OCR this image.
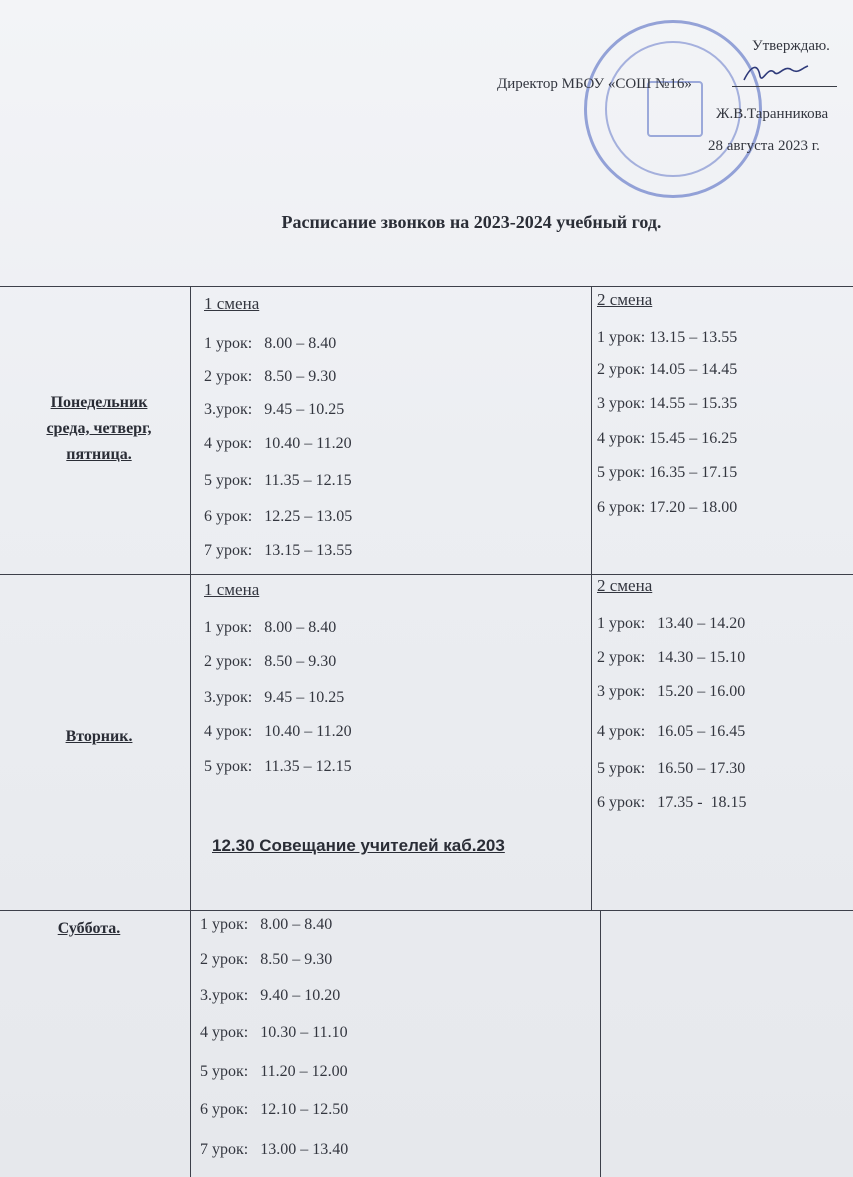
Утверждаю.
Директор МБОУ «СОШ №16»
Ж.В.Таранникова
28 августа 2023 г.
Расписание звонков на 2023-2024 учебный год.
Понедельник
среда, четверг,
пятница.
1 смена
1 урок:   8.00 – 8.40
2 урок:   8.50 – 9.30
3.урок:   9.45 – 10.25
4 урок:   10.40 – 11.20
5 урок:   11.35 – 12.15
6 урок:   12.25 – 13.05
7 урок:   13.15 – 13.55
2 смена
1 урок: 13.15 – 13.55
2 урок: 14.05 – 14.45
3 урок: 14.55 – 15.35
4 урок: 15.45 – 16.25
5 урок: 16.35 – 17.15
6 урок: 17.20 – 18.00
Вторник.
1 смена
1 урок:   8.00 – 8.40
2 урок:   8.50 – 9.30
3.урок:   9.45 – 10.25
4 урок:   10.40 – 11.20
5 урок:   11.35 – 12.15
12.30 Совещание учителей каб.203
2 смена
1 урок:   13.40 – 14.20
2 урок:   14.30 – 15.10
3 урок:   15.20 – 16.00
4 урок:   16.05 – 16.45
5 урок:   16.50 – 17.30
6 урок:   17.35 -  18.15
Суббота.	1 урок:   8.00 – 8.40
2 урок:   8.50 – 9.30
3.урок:   9.40 – 10.20
4 урок:   10.30 – 11.10
5 урок:   11.20 – 12.00
6 урок:   12.10 – 12.50
7 урок:   13.00 – 13.40
